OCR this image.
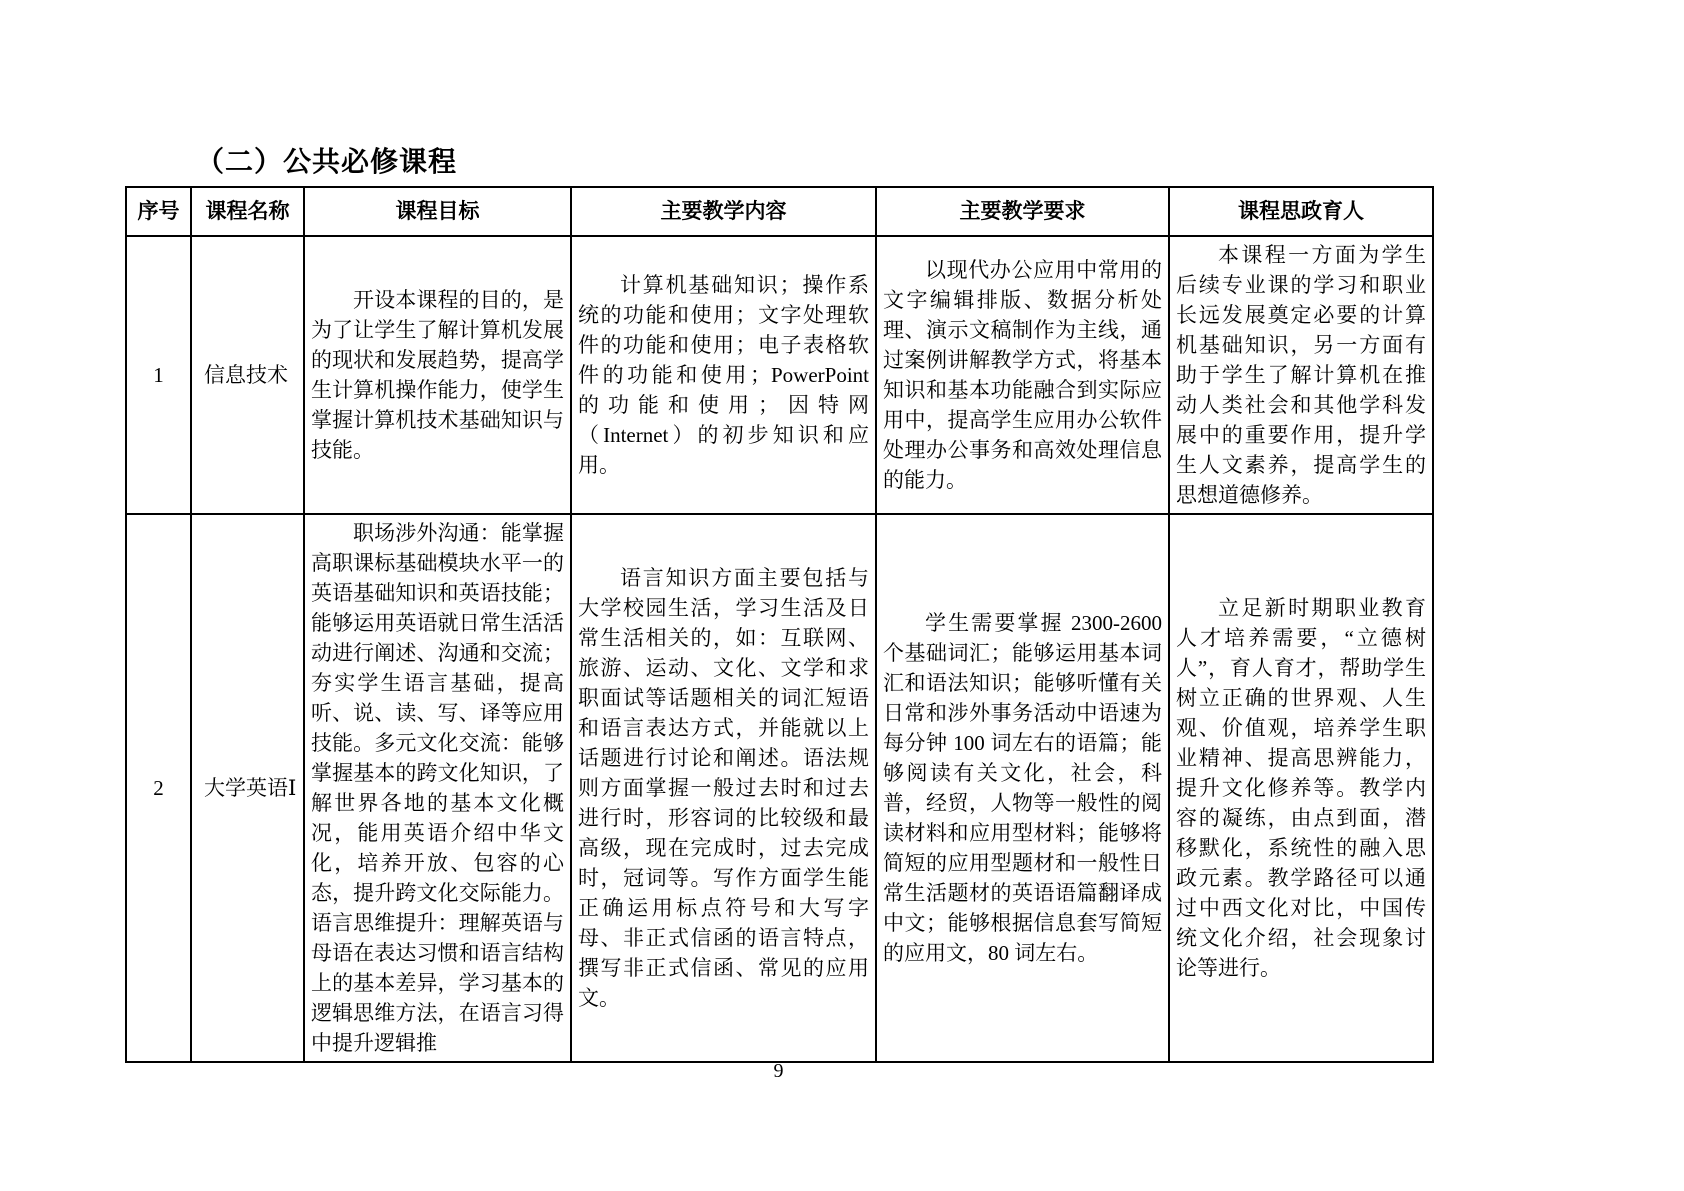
（二）公共必修课程
序号	课程名称	课程目标	主要教学内容	主要教学要求	课程思政育人
1	信息技术	开设本课程的目的，是为了让学生了解计算机发展的现状和发展趋势，提高学生计算机操作能力，使学生掌握计算机技术基础知识与技能。	计算机基础知识；操作系统的功能和使用；文字处理软件的功能和使用；电子表格软件的功能和使用；PowerPoint 的功能和使用；因特网（Internet）的初步知识和应用。	以现代办公应用中常用的文字编辑排版、数据分析处理、演示文稿制作为主线，通过案例讲解教学方式，将基本知识和基本功能融合到实际应用中，提高学生应用办公软件处理办公事务和高效处理信息的能力。	本课程一方面为学生后续专业课的学习和职业长远发展奠定必要的计算机基础知识，另一方面有助于学生了解计算机在推动人类社会和其他学科发展中的重要作用，提升学生人文素养，提高学生的思想道德修养。

2	大学英语Ⅰ	职场涉外沟通：能掌握高职课标基础模块水平一的英语基础知识和英语技能；能够运用英语就日常生活活动进行阐述、沟通和交流；夯实学生语言基础，提高听、说、读、写、译等应用技能。多元文化交流：能够掌握基本的跨文化知识，了解世界各地的基本文化概况，能用英语介绍中华文化，培养开放、包容的心态，提升跨文化交际能力。语言思维提升：理解英语与母语在表达习惯和语言结构上的基本差异，学习基本的逻辑思维方法，在语言习得中提升逻辑推	语言知识方面主要包括与大学校园生活，学习生活及日常生活相关的，如：互联网、旅游、运动、文化、文学和求职面试等话题相关的词汇短语和语言表达方式，并能就以上话题进行讨论和阐述。语法规则方面掌握一般过去时和过去进行时，形容词的比较级和最高级，现在完成时，过去完成时，冠词等。写作方面学生能正确运用标点符号和大写字母、非正式信函的语言特点，撰写非正式信函、常见的应用文。	学生需要掌握 2300-2600 个基础词汇；能够运用基本词汇和语法知识；能够听懂有关日常和涉外事务活动中语速为每分钟 100 词左右的语篇；能够阅读有关文化，社会，科普，经贸，人物等一般性的阅读材料和应用型材料；能够将简短的应用型题材和一般性日常生活题材的英语语篇翻译成中文；能够根据信息套写简短的应用文，80 词左右。	立足新时期职业教育人才培养需要，“立德树人”，育人育才，帮助学生树立正确的世界观、人生观、价值观，培养学生职业精神、提高思辨能力，提升文化修养等。教学内容的凝练，由点到面，潜移默化，系统性的融入思政元素。教学路径可以通过中西文化对比，中国传统文化介绍，社会现象讨论等进行。

9
